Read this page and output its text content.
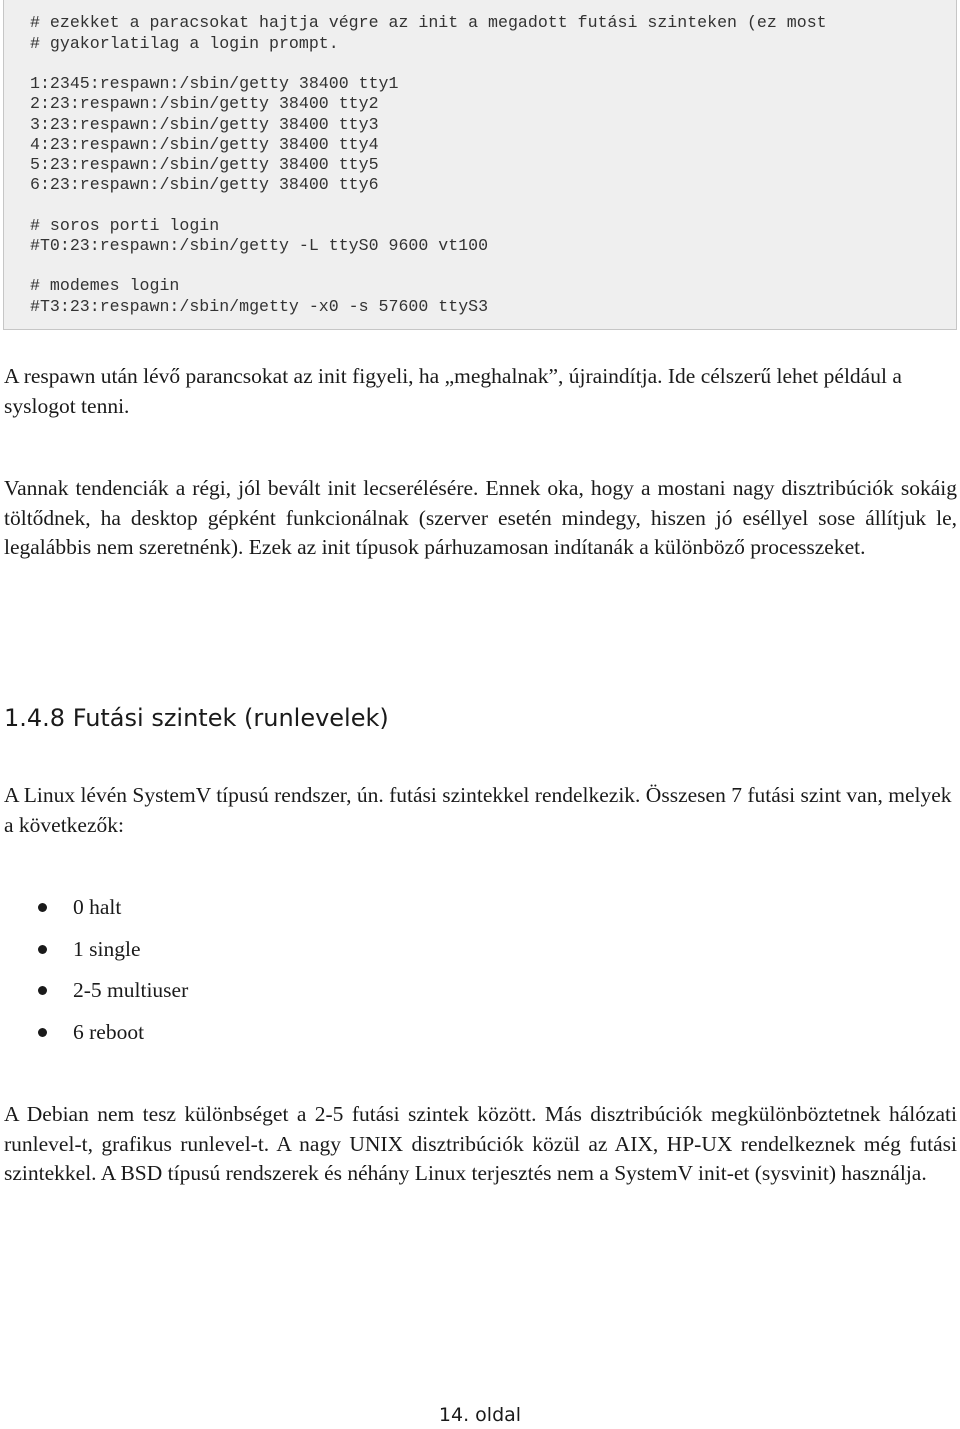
# ezekket a paracsokat hajtja végre az init a megadott futási szinteken (ez most
# gyakorlatilag a login prompt.
1:2345:respawn:/sbin/getty 38400 tty1
2:23:respawn:/sbin/getty 38400 tty2
3:23:respawn:/sbin/getty 38400 tty3
4:23:respawn:/sbin/getty 38400 tty4
5:23:respawn:/sbin/getty 38400 tty5
6:23:respawn:/sbin/getty 38400 tty6
# soros porti login
#T0:23:respawn:/sbin/getty -L ttyS0 9600 vt100
# modemes login
#T3:23:respawn:/sbin/mgetty -x0 -s 57600 ttyS3

A respawn után lévő parancsokat az init figyeli, ha „meghalnak”, újraindítja. Ide célszerű lehet például a syslogot tenni.

Vannak tendenciák a régi, jól bevált init lecserélésére. Ennek oka, hogy a mostani nagy disztribúciók sokáig töltődnek, ha desktop gépként funkcionálnak (szerver esetén mindegy, hiszen jó eséllyel sose állítjuk le, legalábbis nem szeretnénk). Ezek az init típusok párhuzamosan indítanák a különböző processzeket.

1.4.8 Futási szintek (runlevelek)

A Linux lévén SystemV típusú rendszer, ún. futási szintekkel rendelkezik. Összesen 7 futási szint van, melyek a következők:

0 halt
1 single
2-5 multiuser
6 reboot

A Debian nem tesz különbséget a 2-5 futási szintek között. Más disztribúciók megkülönböztetnek hálózati runlevel-t, grafikus runlevel-t. A nagy UNIX disztribúciók közül az AIX, HP-UX rendelkeznek még futási szintekkel. A BSD típusú rendszerek és néhány Linux terjesztés nem a SystemV init-et (sysvinit) használja.

14. oldal
